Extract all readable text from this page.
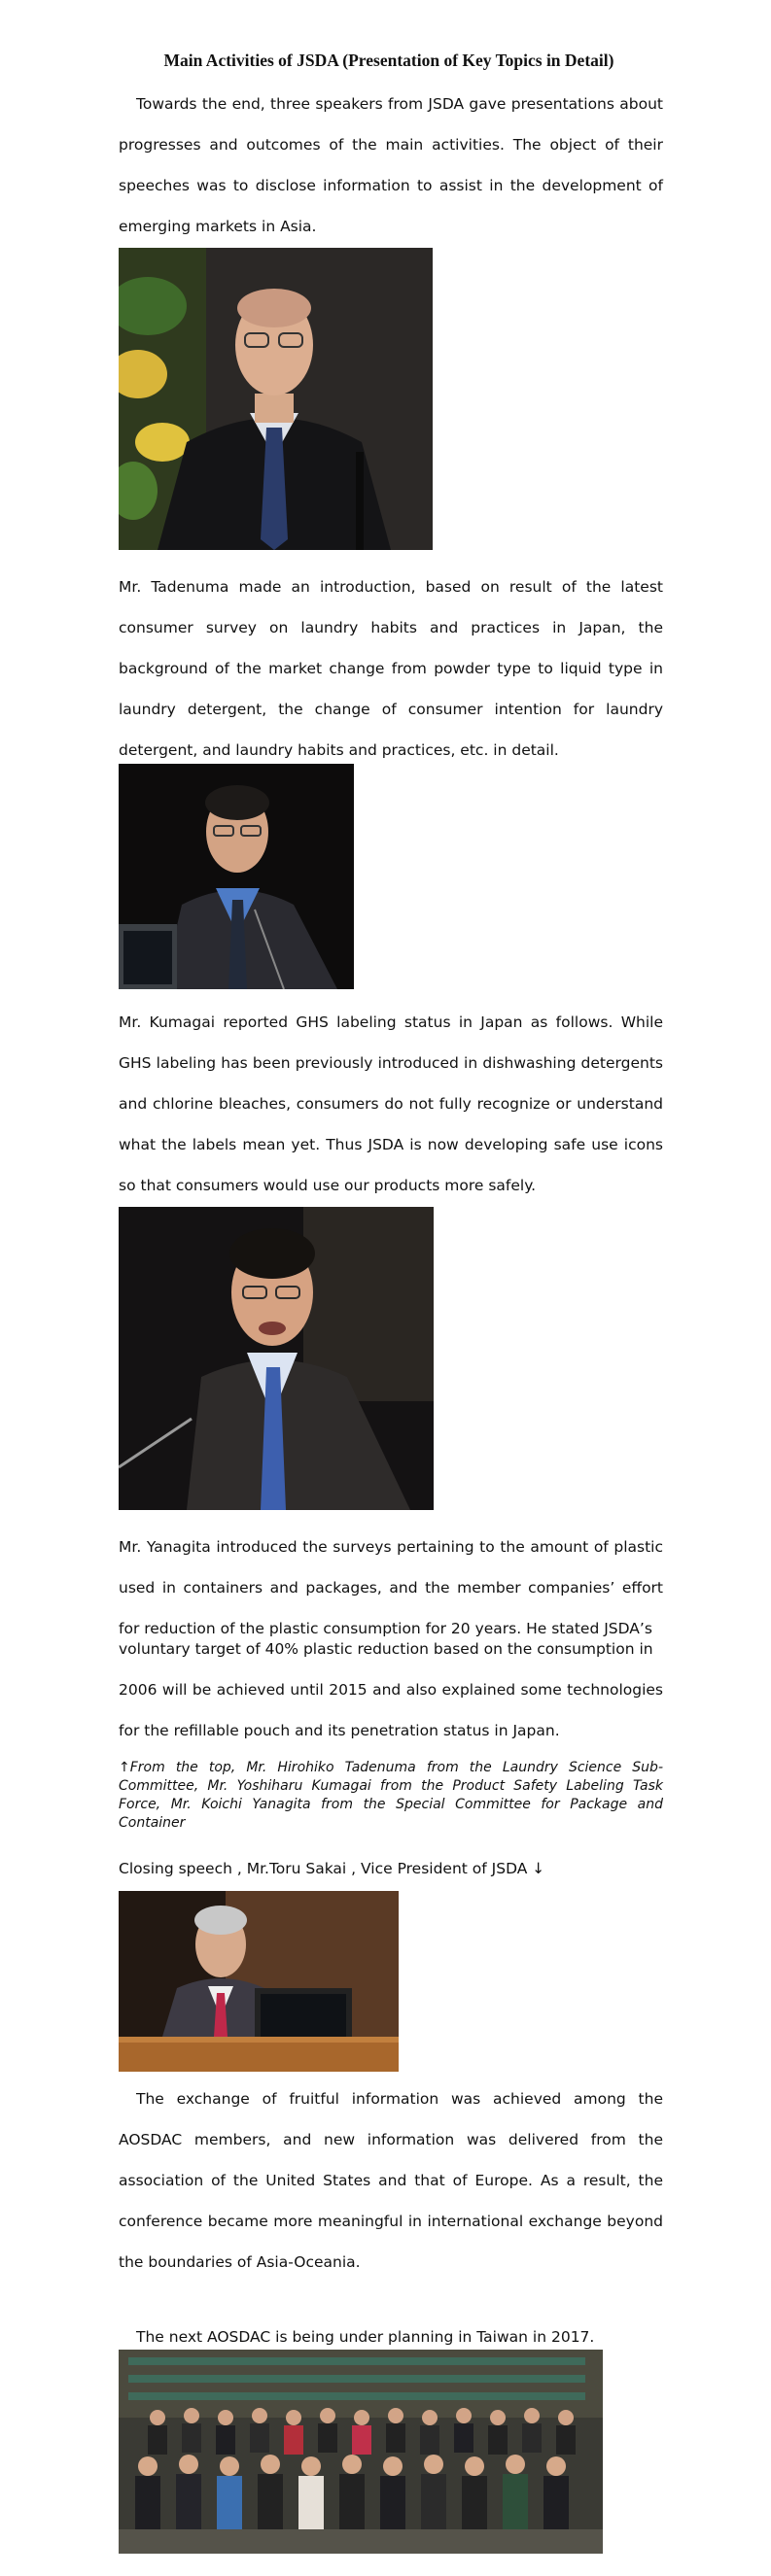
Main Activities of JSDA (Presentation of Key Topics in Detail)

Towards the end, three speakers from JSDA gave presentations about progresses and outcomes of the main activities. The object of their speeches was to disclose information to assist in the development of emerging markets in Asia.

Mr. Tadenuma made an introduction, based on result of the latest consumer survey on laundry habits and practices in Japan, the background of the market change from powder type to liquid type in laundry detergent, the change of consumer intention for laundry detergent, and laundry habits and practices, etc. in detail.

Mr. Kumagai reported GHS labeling status in Japan as follows. While GHS labeling has been previously introduced in dishwashing detergents and chlorine bleaches, consumers do not fully recognize or understand what the labels mean yet. Thus JSDA is now developing safe use icons so that consumers would use our products more safely.

Mr. Yanagita introduced the surveys pertaining to the amount of plastic used in containers and packages, and the member companies’ effort for reduction of the plastic consumption for 20 years. He stated JSDA’s

voluntary target of 40% plastic reduction based on the consumption in

2006 will be achieved until 2015 and also explained some technologies for the refillable pouch and its penetration status in Japan.

↑From the top, Mr. Hirohiko Tadenuma from the Laundry Science Sub-Committee, Mr. Yoshiharu Kumagai from the Product Safety Labeling Task Force, Mr. Koichi Yanagita from the Special Committee for Package and Container

Closing speech , Mr.Toru Sakai , Vice President of JSDA ↓

The exchange of fruitful information was achieved among the AOSDAC members, and new information was delivered from the association of the United States and that of Europe. As a result, the conference became more meaningful in international exchange beyond the boundaries of Asia-Oceania.

The next AOSDAC is being under planning in Taiwan in 2017.
